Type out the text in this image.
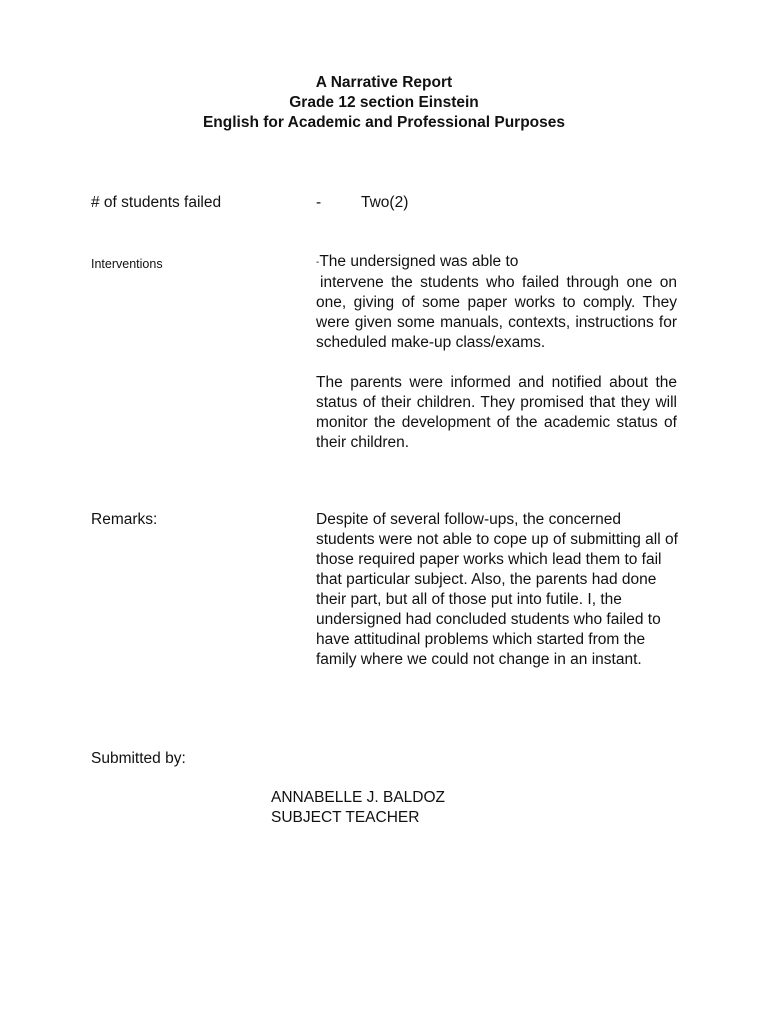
A Narrative Report
Grade 12 section Einstein
English for Academic and Professional Purposes
# of students failed	-	Two(2)
Interventions	-The undersigned was able to

intervene the students who failed through one on one, giving of some paper works to comply. They were given some manuals, contexts, instructions for scheduled make-up class/exams.

The parents were informed and notified about the status of their children. They promised that they will monitor the development of the academic status of their children.

Remarks:	Despite of several follow-ups, the concerned students were not able to cope up of submitting all of those required paper works which lead them to fail that particular subject. Also, the parents had done their part, but all of those put into futile. I, the undersigned had concluded students who failed to have attitudinal problems which started from the family where we could not change in an instant.
Submitted by:
ANNABELLE J. BALDOZ
SUBJECT TEACHER
